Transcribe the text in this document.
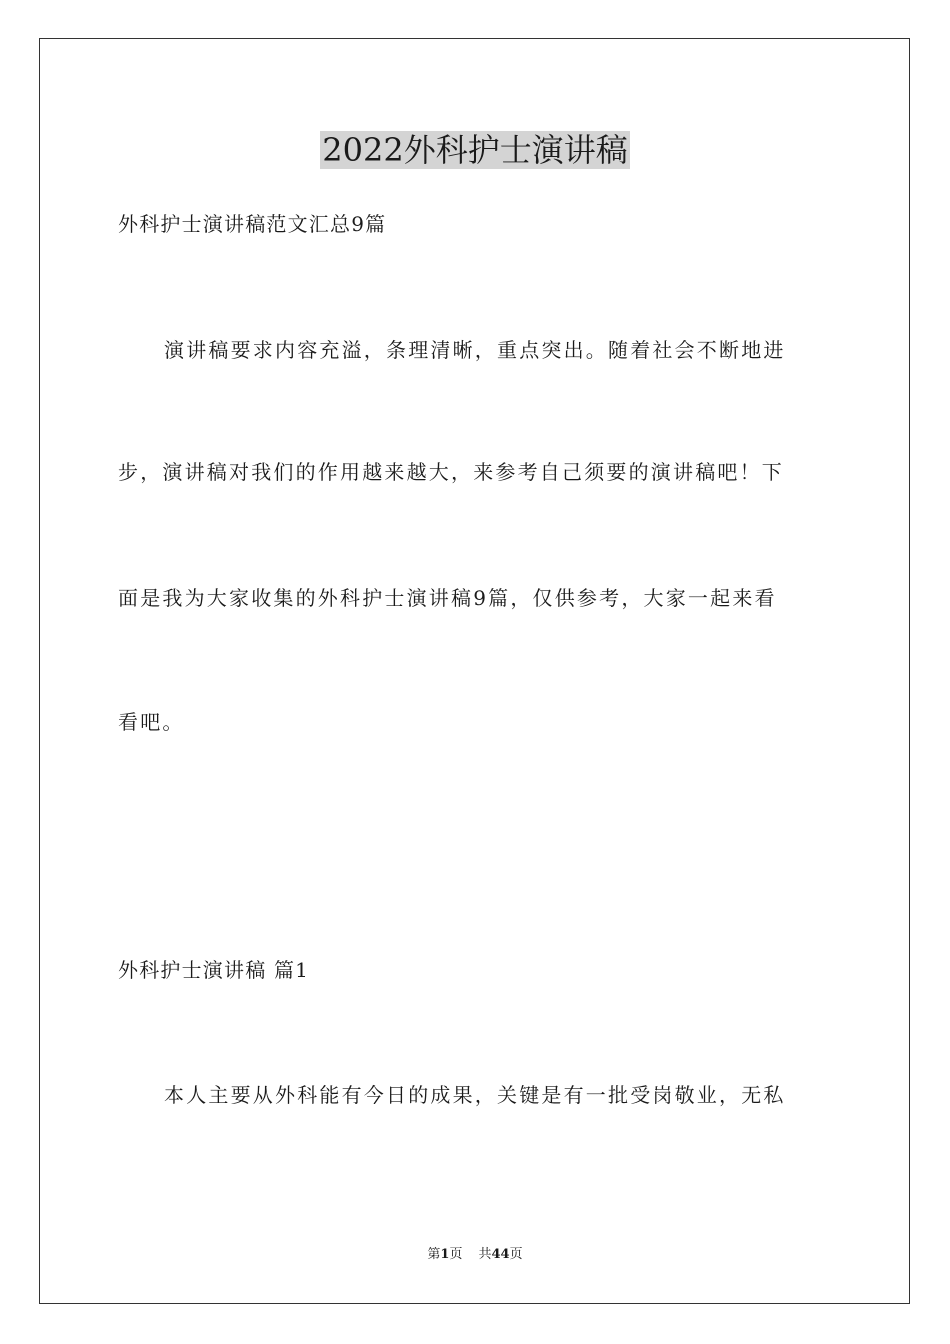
2022外科护士演讲稿
外科护士演讲稿范文汇总9篇
演讲稿要求内容充溢，条理清晰，重点突出。随着社会不断地进
步，演讲稿对我们的作用越来越大，来参考自己须要的演讲稿吧！下
面是我为大家收集的外科护士演讲稿9篇，仅供参考，大家一起来看
看吧。
外科护士演讲稿 篇1
本人主要从外科能有今日的成果，关键是有一批受岗敬业，无私
第1页 共44页
